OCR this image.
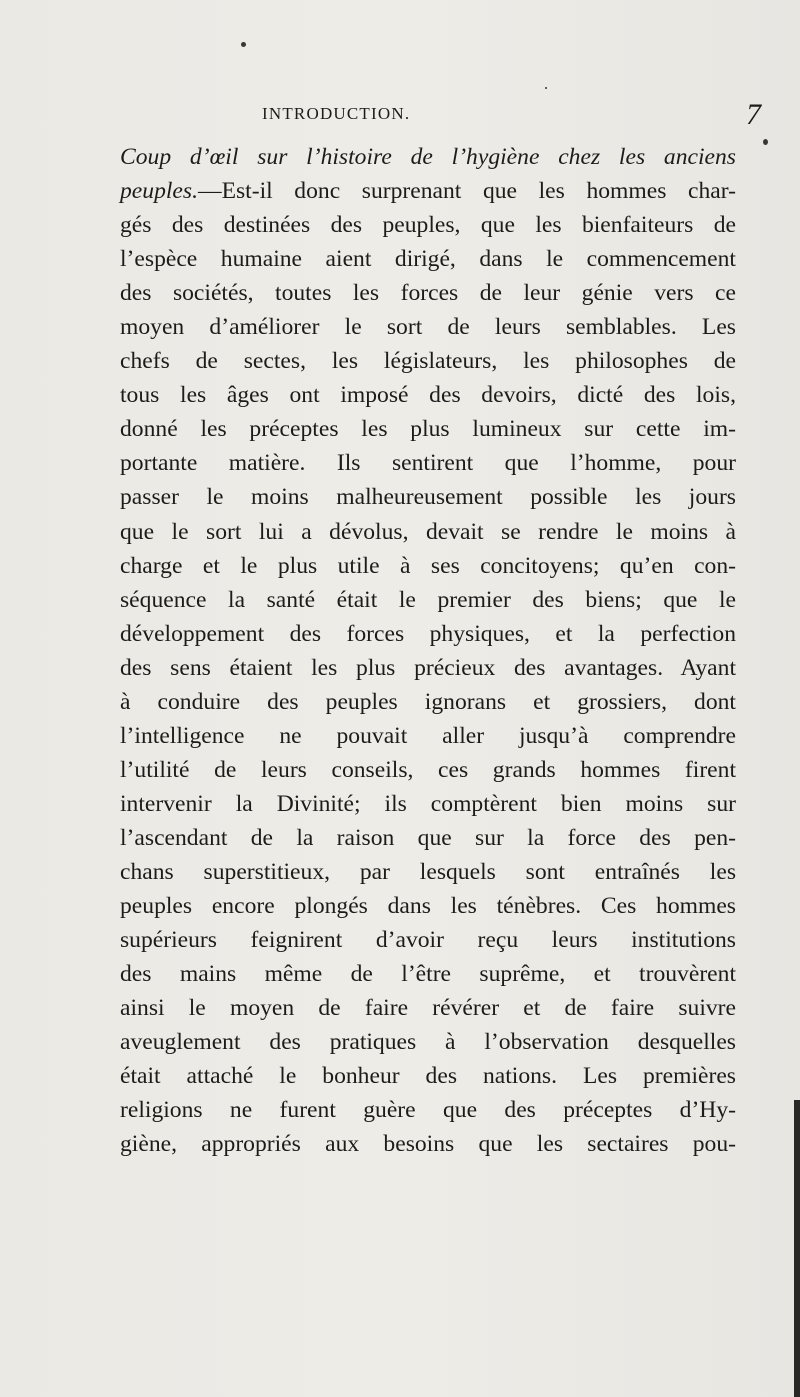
INTRODUCTION.	7
Coup d’œil sur l’histoire de l’hygiène chez les anciens
peuples.—Est-il donc surprenant que les hommes char-
gés des destinées des peuples, que les bienfaiteurs de
l’espèce humaine aient dirigé, dans le commencement
des sociétés, toutes les forces de leur génie vers ce
moyen d’améliorer le sort de leurs semblables. Les
chefs de sectes, les législateurs, les philosophes de
tous les âges ont imposé des devoirs, dicté des lois,
donné les préceptes les plus lumineux sur cette im-
portante matière. Ils sentirent que l’homme, pour
passer le moins malheureusement possible les jours
que le sort lui a dévolus, devait se rendre le moins à
charge et le plus utile à ses concitoyens; qu’en con-
séquence la santé était le premier des biens; que le
développement des forces physiques, et la perfection
des sens étaient les plus précieux des avantages. Ayant
à conduire des peuples ignorans et grossiers, dont
l’intelligence ne pouvait aller jusqu’à comprendre
l’utilité de leurs conseils, ces grands hommes firent
intervenir la Divinité; ils comptèrent bien moins sur
l’ascendant de la raison que sur la force des pen-
chans superstitieux, par lesquels sont entraînés les
peuples encore plongés dans les ténèbres. Ces hommes
supérieurs feignirent d’avoir reçu leurs institutions
des mains même de l’être suprême, et trouvèrent
ainsi le moyen de faire révérer et de faire suivre
aveuglement des pratiques à l’observation desquelles
était attaché le bonheur des nations. Les premières
religions ne furent guère que des préceptes d’Hy-
giène, appropriés aux besoins que les sectaires pou-
